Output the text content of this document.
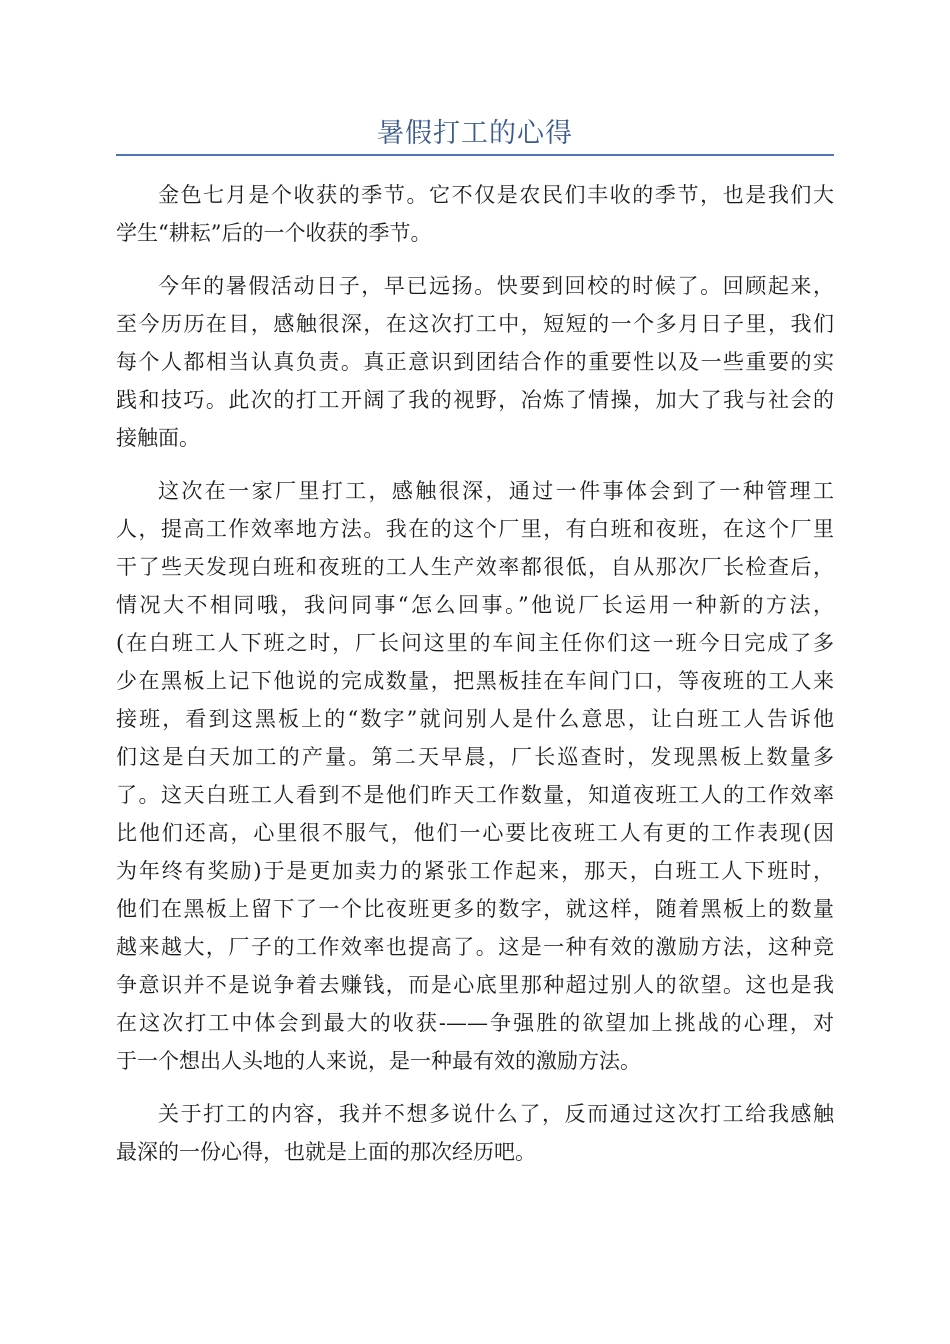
暑假打工的心得
金色七月是个收获的季节。它不仅是农民们丰收的季节，也是我们大
学生“耕耘”后的一个收获的季节。
今年的暑假活动日子，早已远扬。快要到回校的时候了。回顾起来，
至今历历在目，感触很深，在这次打工中，短短的一个多月日子里，我们
每个人都相当认真负责。真正意识到团结合作的重要性以及一些重要的实
践和技巧。此次的打工开阔了我的视野，冶炼了情操，加大了我与社会的
接触面。
这次在一家厂里打工，感触很深，通过一件事体会到了一种管理工
人，提高工作效率地方法。我在的这个厂里，有白班和夜班，在这个厂里
干了些天发现白班和夜班的工人生产效率都很低，自从那次厂长检查后，
情况大不相同哦，我问同事“怎么回事。”他说厂长运用一种新的方法，
(在白班工人下班之时，厂长问这里的车间主任你们这一班今日完成了多
少在黑板上记下他说的完成数量，把黑板挂在车间门口，等夜班的工人来
接班，看到这黑板上的“数字”就问别人是什么意思，让白班工人告诉他
们这是白天加工的产量。第二天早晨，厂长巡查时，发现黑板上数量多
了。这天白班工人看到不是他们昨天工作数量，知道夜班工人的工作效率
比他们还高，心里很不服气，他们一心要比夜班工人有更的工作表现(因
为年终有奖励)于是更加卖力的紧张工作起来，那天，白班工人下班时，
他们在黑板上留下了一个比夜班更多的数字，就这样，随着黑板上的数量
越来越大，厂子的工作效率也提高了。这是一种有效的激励方法，这种竞
争意识并不是说争着去赚钱，而是心底里那种超过别人的欲望。这也是我
在这次打工中体会到最大的收获-——争强胜的欲望加上挑战的心理，对
于一个想出人头地的人来说，是一种最有效的激励方法。
关于打工的内容，我并不想多说什么了，反而通过这次打工给我感触
最深的一份心得，也就是上面的那次经历吧。
